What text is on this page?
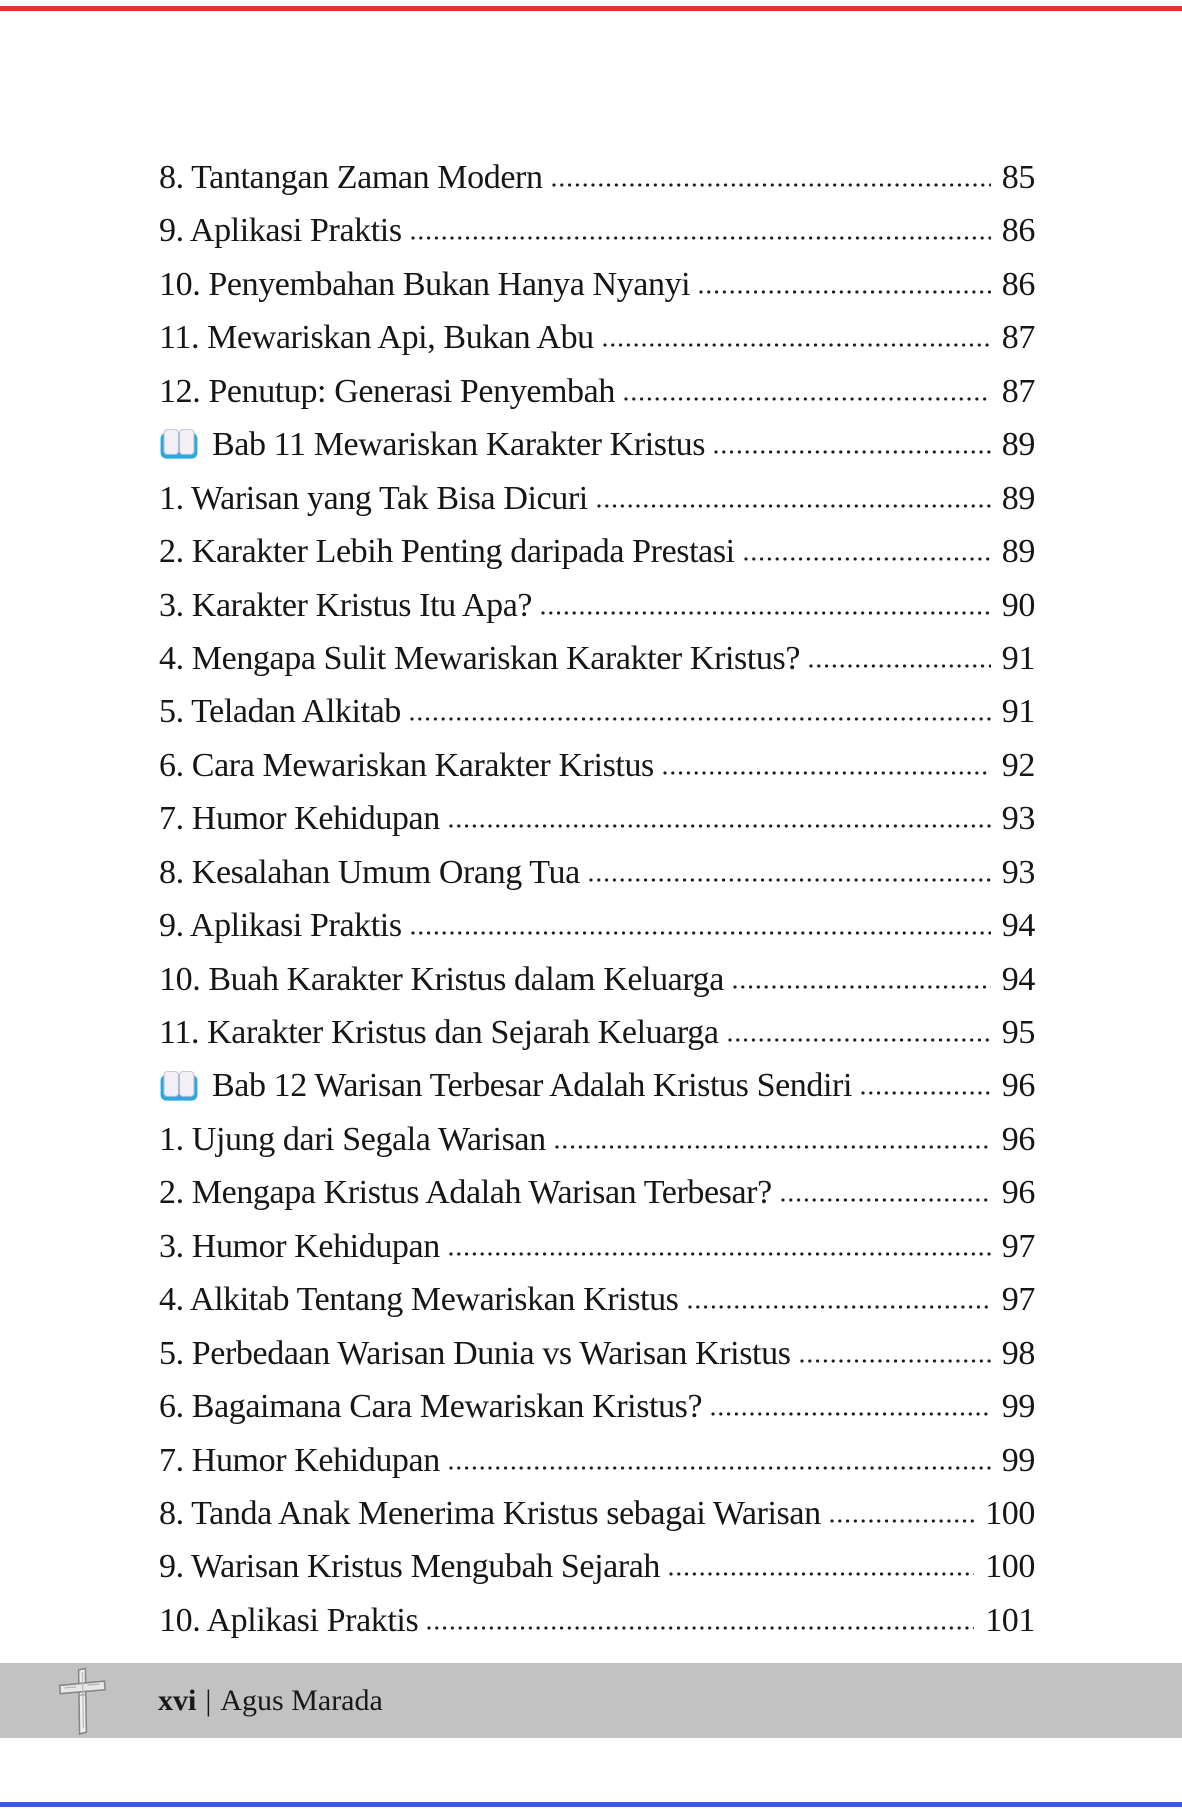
8. Tantangan Zaman Modern	85
9. Aplikasi Praktis	86
10. Penyembahan Bukan Hanya Nyanyi	86
11. Mewariskan Api, Bukan Abu	87
12. Penutup: Generasi Penyembah	87
Bab 11 Mewariskan Karakter Kristus	89
1. Warisan yang Tak Bisa Dicuri	89
2. Karakter Lebih Penting daripada Prestasi	89
3. Karakter Kristus Itu Apa?	90
4. Mengapa Sulit Mewariskan Karakter Kristus?	91
5. Teladan Alkitab	91
6. Cara Mewariskan Karakter Kristus	92
7. Humor Kehidupan	93
8. Kesalahan Umum Orang Tua	93
9. Aplikasi Praktis	94
10. Buah Karakter Kristus dalam Keluarga	94
11. Karakter Kristus dan Sejarah Keluarga	95
Bab 12 Warisan Terbesar Adalah Kristus Sendiri	96
1. Ujung dari Segala Warisan	96
2. Mengapa Kristus Adalah Warisan Terbesar?	96
3. Humor Kehidupan	97
4. Alkitab Tentang Mewariskan Kristus	97
5. Perbedaan Warisan Dunia vs Warisan Kristus	98
6. Bagaimana Cara Mewariskan Kristus?	99
7. Humor Kehidupan	99
8. Tanda Anak Menerima Kristus sebagai Warisan	100
9. Warisan Kristus Mengubah Sejarah	100
10. Aplikasi Praktis	101
xvi | Agus Marada
